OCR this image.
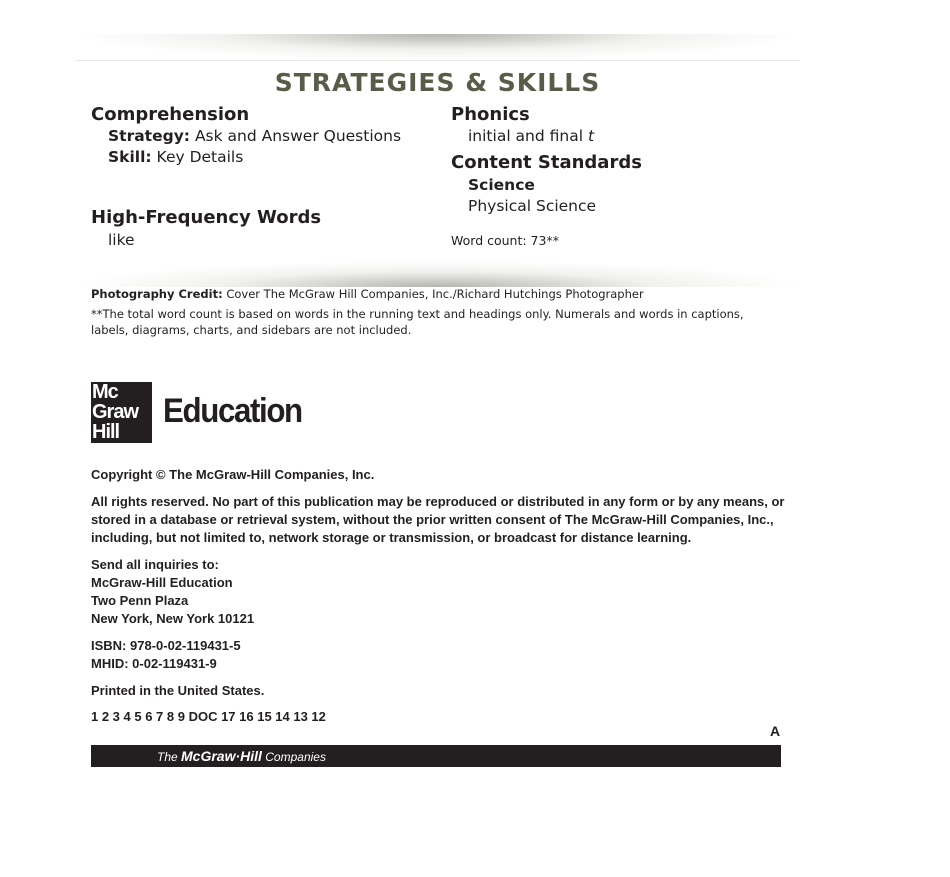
STRATEGIES & SKILLS
Comprehension
Strategy: Ask and Answer Questions
Skill: Key Details
High-Frequency Words
like
Phonics
initial and final t
Content Standards
Science
Physical Science
Word count: 73**
Photography Credit: Cover The McGraw Hill Companies, Inc./Richard Hutchings Photographer
**The total word count is based on words in the running text and headings only. Numerals and words in captions, labels, diagrams, charts, and sidebars are not included.
Mc
Graw
Hill
Education
Copyright © The McGraw-Hill Companies, Inc.
All rights reserved. No part of this publication may be reproduced or distributed in any form or by any means, or stored in a database or retrieval system, without the prior written consent of The McGraw-Hill Companies, Inc., including, but not limited to, network storage or transmission, or broadcast for distance learning.
Send all inquiries to:
McGraw-Hill Education
Two Penn Plaza
New York, New York 10121
ISBN: 978-0-02-119431-5
MHID: 0-02-119431-9
Printed in the United States.
1 2 3 4 5 6 7 8 9 DOC 17 16 15 14 13 12
A
The McGraw·Hill Companies
